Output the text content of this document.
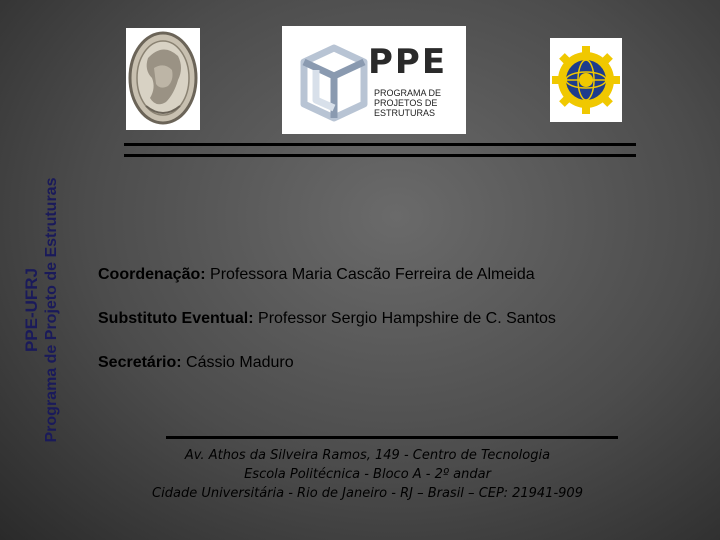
PPE-UFRJ Programa de Projeto de Estruturas
PPE
PROGRAMA DE PROJETOS DE ESTRUTURAS
Coordenação: Professora Maria Cascão Ferreira de Almeida
Substituto Eventual: Professor Sergio Hampshire de C. Santos
Secretário: Cássio Maduro
Av. Athos da Silveira Ramos, 149 - Centro de Tecnologia
Escola Politécnica - Bloco A - 2º andar
Cidade Universitária - Rio de Janeiro - RJ – Brasil – CEP: 21941-909
